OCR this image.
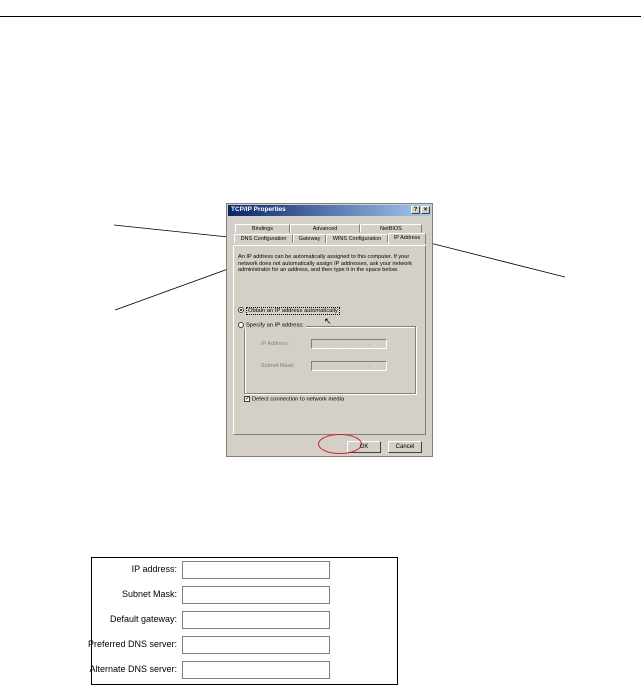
TCP/IP Properties	?	×
Bindings	Advanced	NetBIOS
DNS Configuration	Gateway	WINS Configuration	IP Address
An IP address can be automatically assigned to this computer. If your network does not automatically assign IP addresses, ask your network administrator for an address, and then type it in the space below.
↖
Obtain an IP address automatically
IP Address:	.	.	.
Subnet Mask:	.	.	.
Specify an IP address:
✓ Detect connection to network media
OK	Cancel
IP address:
Subnet Mask:
Default gateway:
Preferred DNS server:
Alternate DNS server:
